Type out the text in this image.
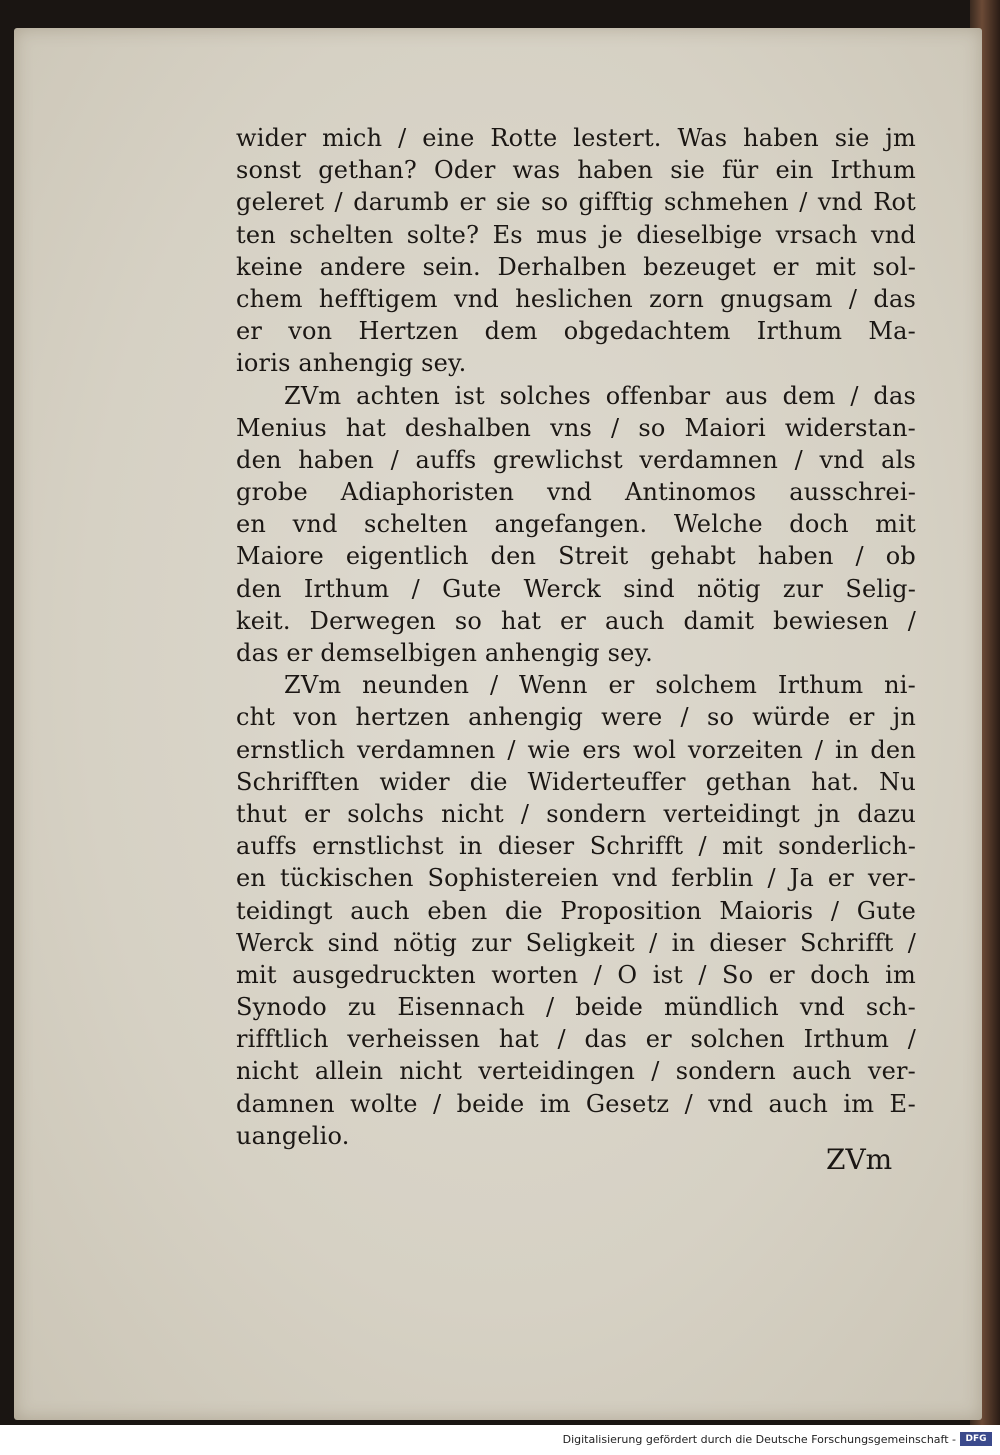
wider mich / eine Rotte lestert. Was haben sie jm
sonst gethan? Oder was haben sie für ein Irthum
geleret / darumb er sie so gifftig schmehen / vnd Rot
ten schelten solte? Es mus je dieselbige vrsach vnd
keine andere sein. Derhalben bezeuget er mit sol-
chem hefftigem vnd heslichen zorn gnugsam / das
er von Hertzen dem obgedachtem Irthum Ma-
ioris anhengig sey.
ZVm achten ist solches offenbar aus dem / das
Menius hat deshalben vns / so Maiori widerstan-
den haben / auffs grewlichst verdamnen / vnd als
grobe Adiaphoristen vnd Antinomos ausschrei-
en vnd schelten angefangen. Welche doch mit
Maiore eigentlich den Streit gehabt haben / ob
den Irthum / Gute Werck sind nötig zur Selig-
keit. Derwegen so hat er auch damit bewiesen /
das er demselbigen anhengig sey.
ZVm neunden / Wenn er solchem Irthum ni-
cht von hertzen anhengig were / so würde er jn
ernstlich verdamnen / wie ers wol vorzeiten / in den
Schrifften wider die Widerteuffer gethan hat. Nu
thut er solchs nicht / sondern verteidingt jn dazu
auffs ernstlichst in dieser Schrifft / mit sonderlich-
en tückischen Sophistereien vnd ferblin / Ja er ver-
teidingt auch eben die Proposition Maioris / Gute
Werck sind nötig zur Seligkeit / in dieser Schrifft /
mit ausgedruckten worten / O ist / So er doch im
Synodo zu Eisennach / beide mündlich vnd sch-
rifftlich verheissen hat / das er solchen Irthum /
nicht allein nicht verteidingen / sondern auch ver-
damnen wolte / beide im Gesetz / vnd auch im E-
uangelio.
ZVm
Digitalisierung gefördert durch die Deutsche Forschungsgemeinschaft -	DFG
